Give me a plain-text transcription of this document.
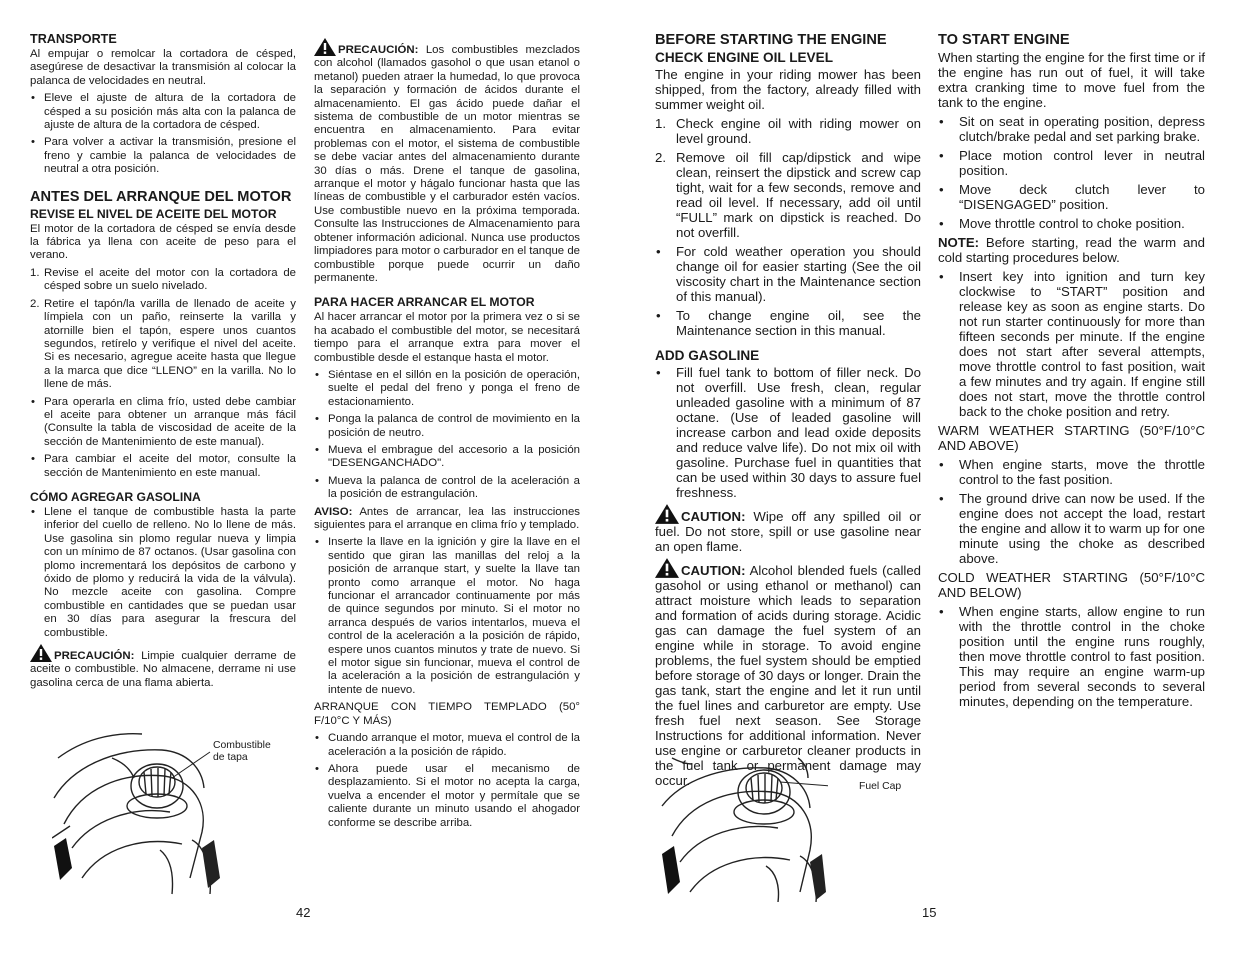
TRANSPORTE

Al empujar o remolcar la cortadora de césped, asegúrese de desactivar la transmisión al colocar la palanca de velocidades en neutral.

• Eleve el ajuste de altura de la cortadora de césped a su posición más alta con la palanca de ajuste de altura de la cortadora de césped.
• Para volver a activar la transmisión, presione el freno y cambie la palanca de velocidades de neutral a otra posición.
ANTES DEL ARRANQUE DEL MOTOR
REVISE EL NIVEL DE ACEITE DEL MOTOR

El motor de la cortadora de césped se envía desde la fábrica ya llena con aceite de peso para el verano.

1. Revise el aceite del motor con la cortadora de césped sobre un suelo nivelado.
2. Retire el tapón/la varilla de llenado de aceite y límpiela con un paño, reinserte la varilla y atornille bien el tapón, espere unos cuantos segundos, retírelo y verifique el nivel del aceite. Si es necesario, agregue aceite hasta que llegue a la marca que dice “LLENO” en la varilla. No lo llene de más.
• Para operarla en clima frío, usted debe cambiar el aceite para obtener un arranque más fácil (Consulte la tabla de viscosidad de aceite de la sección de Mantenimiento de este manual).
• Para cambiar el aceite del motor, consulte la sección de Mantenimiento en este manual.
CÓMO AGREGAR GASOLINA
• Llene el tanque de combustible hasta la parte inferior del cuello de relleno. No lo llene de más. Use gasolina sin plomo regular nueva y limpia con un mínimo de 87 octanos. (Usar gasolina con plomo incrementará los depósitos de carbono y óxido de plomo y reducirá la vida de la válvula). No mezcle aceite con gasolina. Compre combustible en cantidades que se puedan usar en 30 días para asegurar la frescura del combustible.

PRECAUCIÓN: Limpie cualquier derrame de aceite o combustible. No almacene, derrame ni use gasolina cerca de una flama abierta.

PRECAUCIÓN: Los combustibles mezclados con alcohol (llamados gasohol o que usan etanol o metanol) pueden atraer la humedad, lo que provoca la separación y formación de ácidos durante el almacenamiento. El gas ácido puede dañar el sistema de combustible de un motor mientras se encuentra en almacenamiento. Para evitar problemas con el motor, el sistema de combustible se debe vaciar antes del almacenamiento durante 30 días o más. Drene el tanque de gasolina, arranque el motor y hágalo funcionar hasta que las líneas de combustible y el carburador estén vacíos. Use combustible nuevo en la próxima temporada. Consulte las Instrucciones de Almacenamiento para obtener información adicional. Nunca use productos limpiadores para motor o carburador en el tanque de combustible porque puede ocurrir un daño permanente.

PARA HACER ARRANCAR EL MOTOR

Al hacer arrancar el motor por la primera vez o si se ha acabado el combustible del motor, se necesitará tiempo para el arranque extra para mover el combustible desde el estanque hasta el motor.

• Siéntase en el sillón en la posición de operación, suelte el pedal del freno y ponga el freno de estacionamiento.
• Ponga la palanca de control de movimiento en la posición de neutro.
• Mueva el embrague del accesorio a la posición "DESENGANCHADO".
• Mueva la palanca de control de la aceleración a la posición de estrangulación.

AVISO: Antes de arrancar, lea las instrucciones siguientes para el arranque en clima frío y templado.

• Inserte la llave en la ignición y gire la llave en el sentido que giran las manillas del reloj a la posición de arranque start, y suelte la llave tan pronto como arranque el motor. No haga funcionar el arrancador continuamente por más de quince segundos por minuto. Si el motor no arranca después de varios intentarlos, mueva el control de la aceleración a la posición de rápido, espere unos cuantos minutos y trate de nuevo. Si el motor sigue sin funcionar, mueva el control de la aceleración a la posición de estrangulación y intente de nuevo.

ARRANQUE CON TIEMPO TEMPLADO (50° F/10°C Y MÁS)

• Cuando arranque el motor, mueva el control de la aceleración a la posición de rápido.
• Ahora puede usar el mecanismo de desplazamiento. Si el motor no acepta la carga, vuelva a encender el motor y permítale que se caliente durante un minuto usando el ahogador conforme se describe arriba.
Combustible de tapa
42
BEFORE STARTING THE ENGINE
CHECK ENGINE OIL LEVEL

The engine in your riding mower has been shipped, from the factory, already filled with summer weight oil.

1. Check engine oil with riding mower on level ground.
2. Remove oil fill cap/dipstick and wipe clean, reinsert the dipstick and screw cap tight, wait for a few seconds, remove and read oil level. If necessary, add oil until “FULL” mark on dipstick is reached. Do not overfill.
• For cold weather operation you should change oil for easier starting (See the oil viscosity chart in the Maintenance section of this manual).
• To change engine oil, see the Maintenance section in this manual.
ADD GASOLINE
• Fill fuel tank to bottom of filler neck. Do not overfill. Use fresh, clean, regular unleaded gasoline with a minimum of 87 octane. (Use of leaded gasoline will increase carbon and lead oxide deposits and reduce valve life). Do not mix oil with gasoline. Purchase fuel in quantities that can be used within 30 days to assure fuel freshness.

CAUTION: Wipe off any spilled oil or fuel. Do not store, spill or use gasoline near an open flame.

CAUTION: Alcohol blended fuels (called gasohol or using ethanol or methanol) can attract moisture which leads to separation and formation of acids during storage. Acidic gas can damage the fuel system of an engine while in storage. To avoid engine problems, the fuel system should be emptied before storage of 30 days or longer. Drain the gas tank, start the engine and let it run until the fuel lines and carburetor are empty. Use fresh fuel next season. See Storage Instructions for additional information. Never use engine or carburetor cleaner products in the fuel tank or permanent damage may occur.

TO START ENGINE

When starting the engine for the first time or if the engine has run out of fuel, it will take extra cranking time to move fuel from the tank to the engine.

• Sit on seat in operating position, depress clutch/brake pedal and set parking brake.
• Place motion control lever in neutral position.
• Move deck clutch lever to “DISENGAGED” position.
• Move throttle control to choke position.

NOTE: Before starting, read the warm and cold starting procedures below.

• Insert key into ignition and turn key clockwise to “START” position and release key as soon as engine starts. Do not run starter continuously for more than fifteen seconds per minute. If the engine does not start after several attempts, move throttle control to fast position, wait a few minutes and try again. If engine still does not start, move the throttle control back to the choke position and retry.

WARM WEATHER STARTING (50°F/10°C AND ABOVE)

• When engine starts, move the throttle control to the fast position.
• The ground drive can now be used. If the engine does not accept the load, restart the engine and allow it to warm up for one minute using the choke as described above.

COLD WEATHER STARTING (50°F/10°C AND BELOW)

• When engine starts, allow engine to run with the throttle control in the choke position until the engine runs roughly, then move throttle control to fast position. This may require an engine warm-up period from several seconds to several minutes, depending on the temperature.
Fuel Cap
15
